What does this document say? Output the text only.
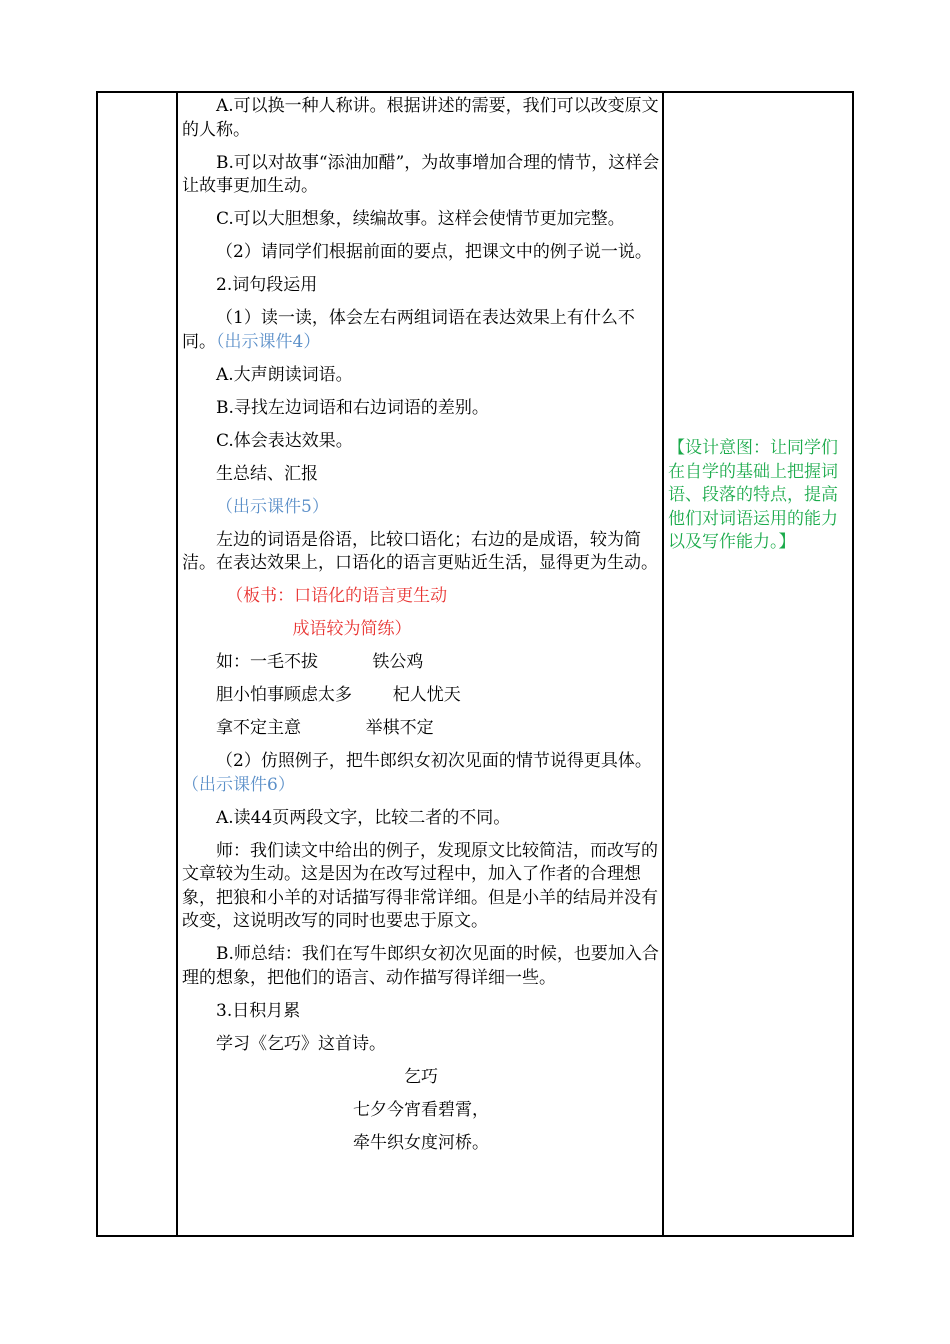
A.可以换一种人称讲。根据讲述的需要，我们可以改变原文的人称。

B.可以对故事“添油加醋”，为故事增加合理的情节，这样会让故事更加生动。

C.可以大胆想象，续编故事。这样会使情节更加完整。

（2）请同学们根据前面的要点，把课文中的例子说一说。

2.词句段运用

（1）读一读，体会左右两组词语在表达效果上有什么不同。（出示课件4）

A.大声朗读词语。

B.寻找左边词语和右边词语的差别。

C.体会表达效果。

生总结、汇报

（出示课件5）

左边的词语是俗语，比较口语化；右边的是成语，较为简洁。在表达效果上，口语化的语言更贴近生活，显得更为生动。

（板书：口语化的语言更生动

成语较为简练）

如：一毛不拔	铁公鸡

胆小怕事顾虑太多 杞人忧天

拿不定主意	举棋不定

（2）仿照例子，把牛郎织女初次见面的情节说得更具体。（出示课件6）

A.读44页两段文字，比较二者的不同。

师：我们读文中给出的例子，发现原文比较简洁，而改写的文章较为生动。这是因为在改写过程中，加入了作者的合理想象，把狼和小羊的对话描写得非常详细。但是小羊的结局并没有改变，这说明改写的同时也要忠于原文。

B.师总结：我们在写牛郎织女初次见面的时候，也要加入合理的想象，把他们的语言、动作描写得详细一些。

3.日积月累

学习《乞巧》这首诗。

乞巧

七夕今宵看碧霄，

牵牛织女度河桥。

【设计意图：让同学们在自学的基础上把握词语、段落的特点，提高他们对词语运用的能力以及写作能力。】
